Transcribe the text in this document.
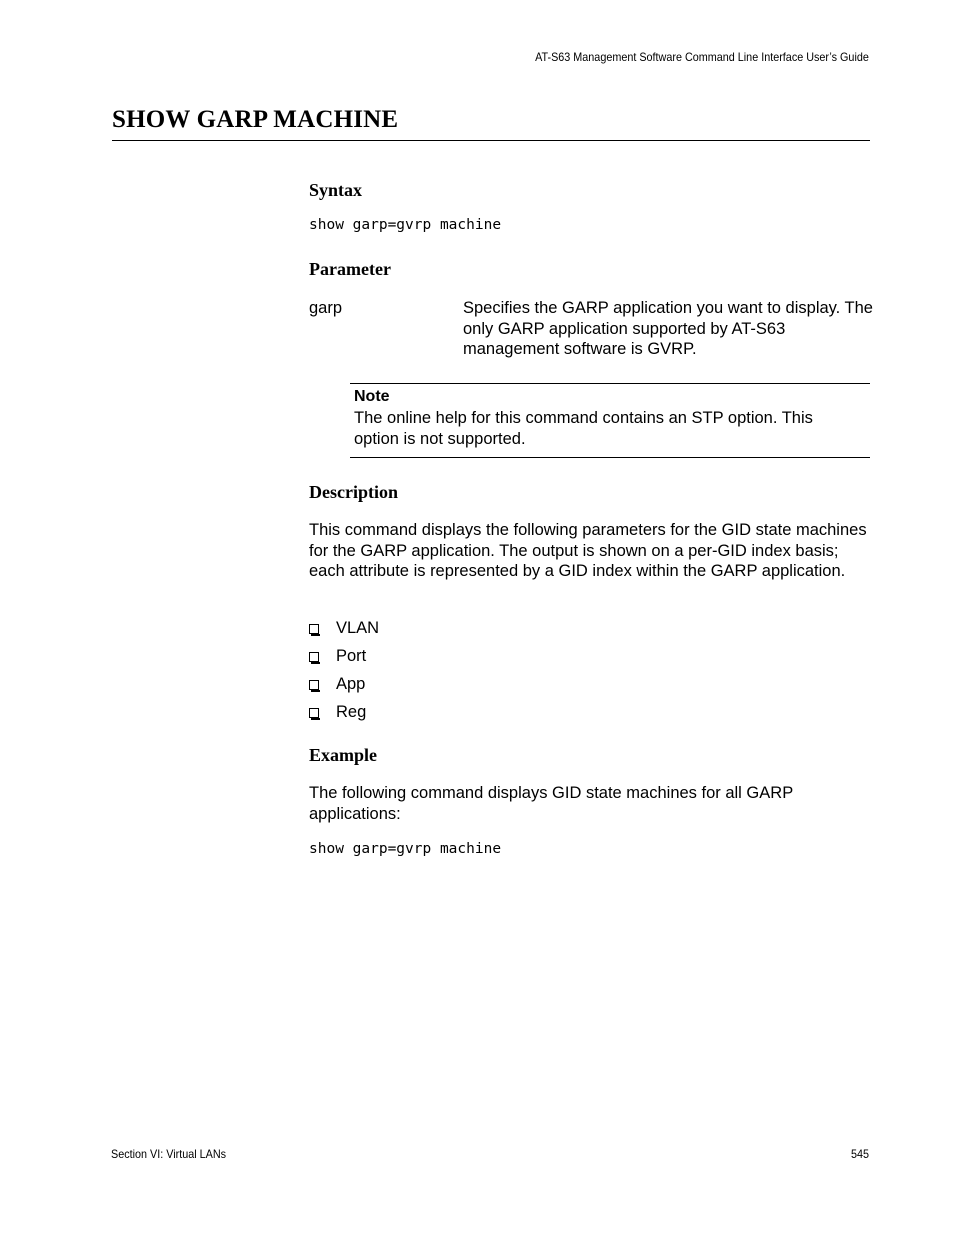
AT-S63 Management Software Command Line Interface User’s Guide
SHOW GARP MACHINE
Syntax
show garp=gvrp machine
Parameter
garp	Specifies the GARP application you want to display. The only GARP application supported by AT-S63 management software is GVRP.
Note
The online help for this command contains an STP option. This option is not supported.
Description

This command displays the following parameters for the GID state machines for the GARP application. The output is shown on a per-GID index basis; each attribute is represented by a GID index within the GARP application.

VLAN
Port
App
Reg
Example

The following command displays GID state machines for all GARP applications:

show garp=gvrp machine
Section VI: Virtual LANs	545
